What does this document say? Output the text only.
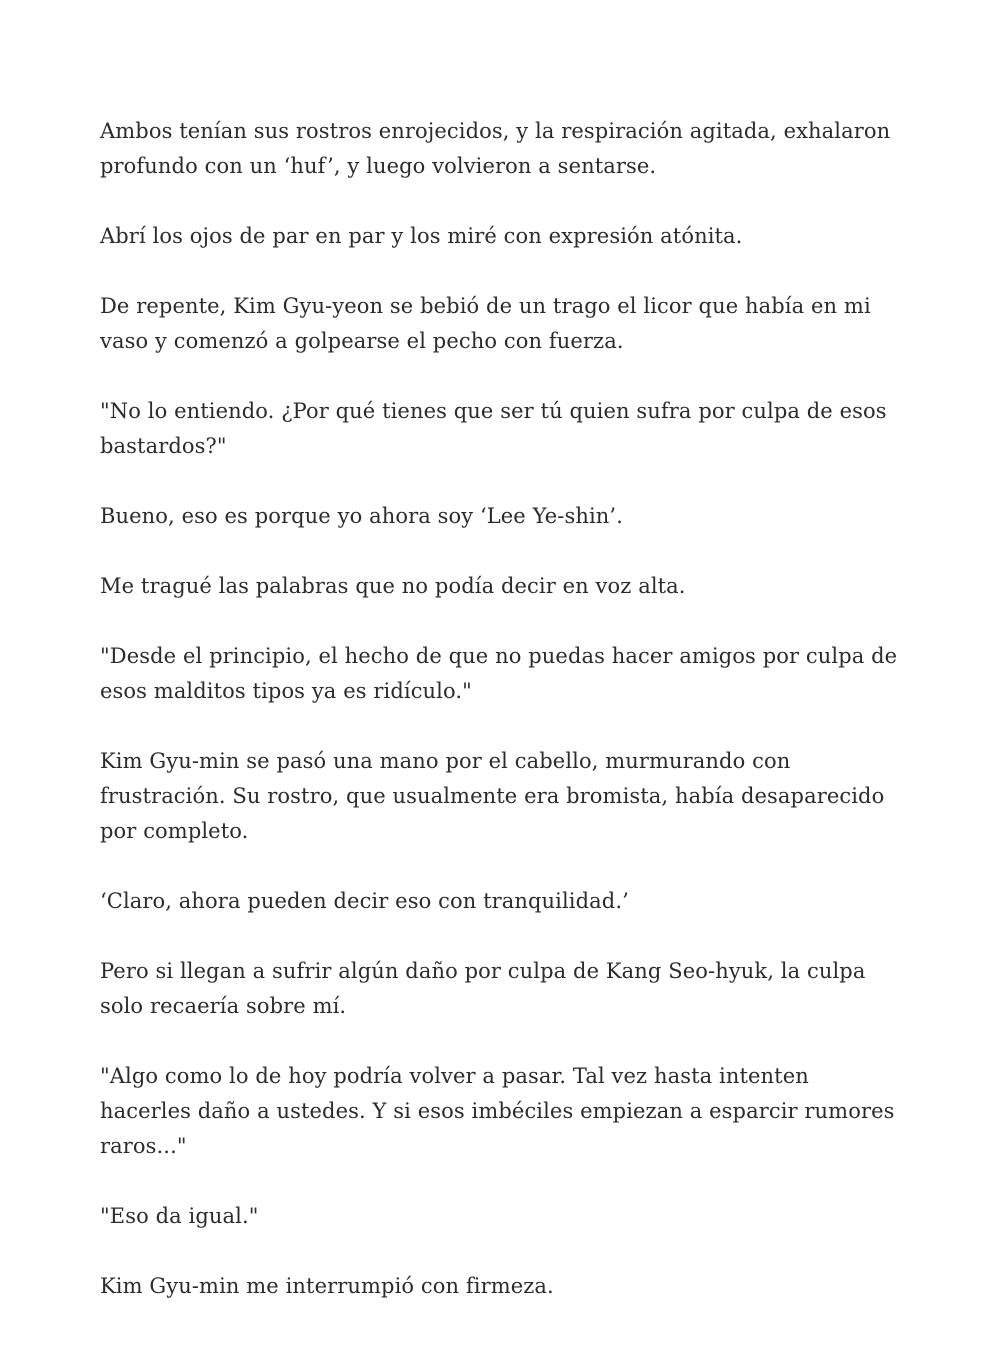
Ambos tenían sus rostros enrojecidos, y la respiración agitada, exhalaron profundo con un ‘huf’, y luego volvieron a sentarse.

Abrí los ojos de par en par y los miré con expresión atónita.

De repente, Kim Gyu-yeon se bebió de un trago el licor que había en mi vaso y comenzó a golpearse el pecho con fuerza.

"No lo entiendo. ¿Por qué tienes que ser tú quien sufra por culpa de esos bastardos?"

Bueno, eso es porque yo ahora soy ‘Lee Ye-shin’.

Me tragué las palabras que no podía decir en voz alta.

"Desde el principio, el hecho de que no puedas hacer amigos por culpa de esos malditos tipos ya es ridículo."

Kim Gyu-min se pasó una mano por el cabello, murmurando con frustración. Su rostro, que usualmente era bromista, había desaparecido por completo.

‘Claro, ahora pueden decir eso con tranquilidad.’

Pero si llegan a sufrir algún daño por culpa de Kang Seo-hyuk, la culpa solo recaería sobre mí.

"Algo como lo de hoy podría volver a pasar. Tal vez hasta intenten hacerles daño a ustedes. Y si esos imbéciles empiezan a esparcir rumores raros..."

"Eso da igual."

Kim Gyu-min me interrumpió con firmeza.
